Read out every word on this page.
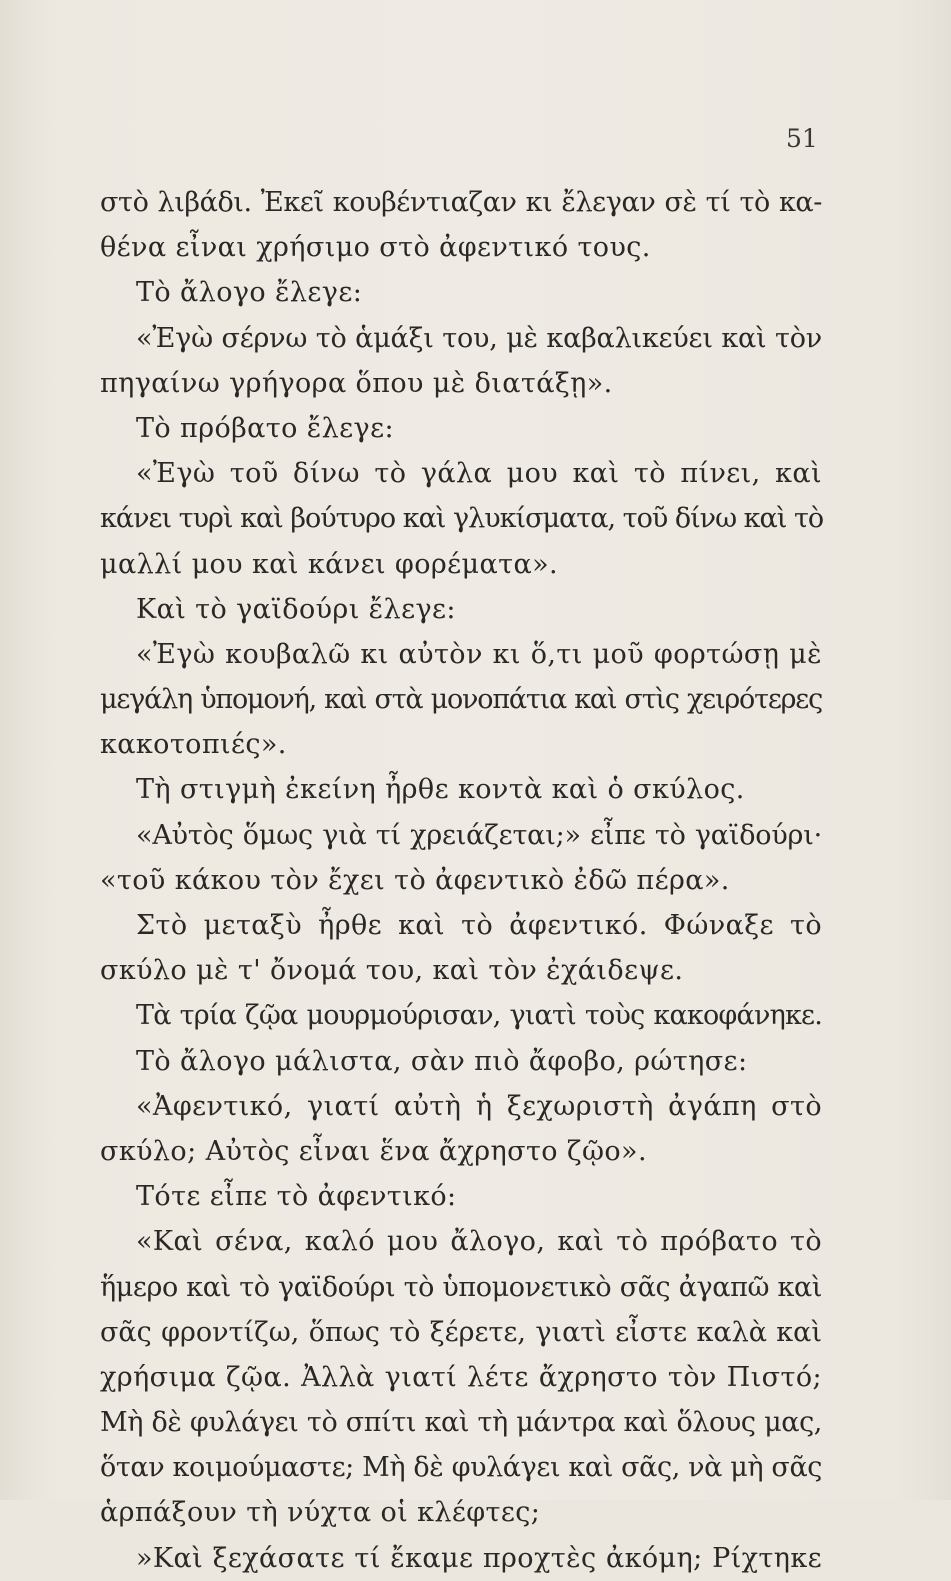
51
στὸ λιβάδι. Ἐκεῖ κουβέντιαζαν κι ἔλεγαν σὲ τί τὸ κα-
θένα εἶναι χρήσιμο στὸ ἀφεντικό τους.
Τὸ ἄλογο ἔλεγε:
«Ἐγὼ σέρνω τὸ ἁμάξι του, μὲ καβαλικεύει καὶ τὸν
πηγαίνω γρήγορα ὅπου μὲ διατάξῃ».
Τὸ πρόβατο ἔλεγε:
«Ἐγὼ τοῦ δίνω τὸ γάλα μου καὶ τὸ πίνει, καὶ
κάνει τυρὶ καὶ βούτυρο καὶ γλυκίσματα, τοῦ δίνω καὶ τὸ
μαλλί μου καὶ κάνει φορέματα».
Καὶ τὸ γαϊδούρι ἔλεγε:
«Ἐγὼ κουβαλῶ κι αὐτὸν κι ὅ,τι μοῦ φορτώσῃ μὲ
μεγάλη ὑπομονή, καὶ στὰ μονοπάτια καὶ στὶς χειρότερες
κακοτοπιές».
Τὴ στιγμὴ ἐκείνη ἦρθε κοντὰ καὶ ὁ σκύλος.
«Αὐτὸς ὅμως γιὰ τί χρειάζεται;» εἶπε τὸ γαϊδούρι·
«τοῦ κάκου τὸν ἔχει τὸ ἀφεντικὸ ἐδῶ πέρα».
Στὸ μεταξὺ ἦρθε καὶ τὸ ἀφεντικό. Φώναξε τὸ
σκύλο μὲ τ' ὄνομά του, καὶ τὸν ἐχάιδεψε.
Τὰ τρία ζῷα μουρμούρισαν, γιατὶ τοὺς κακοφάνηκε.
Τὸ ἄλογο μάλιστα, σὰν πιὸ ἄφοβο, ρώτησε:
«Ἀφεντικό, γιατί αὐτὴ ἡ ξεχωριστὴ ἀγάπη στὸ
σκύλο; Αὐτὸς εἶναι ἕνα ἄχρηστο ζῷο».
Τότε εἶπε τὸ ἀφεντικό:
«Καὶ σένα, καλό μου ἄλογο, καὶ τὸ πρόβατο τὸ
ἥμερο καὶ τὸ γαϊδούρι τὸ ὑπομονετικὸ σᾶς ἀγαπῶ καὶ
σᾶς φροντίζω, ὅπως τὸ ξέρετε, γιατὶ εἶστε καλὰ καὶ
χρήσιμα ζῷα. Ἀλλὰ γιατί λέτε ἄχρηστο τὸν Πιστό;
Μὴ δὲ φυλάγει τὸ σπίτι καὶ τὴ μάντρα καὶ ὅλους μας,
ὅταν κοιμούμαστε; Μὴ δὲ φυλάγει καὶ σᾶς, νὰ μὴ σᾶς
ἁρπάξουν τὴ νύχτα οἱ κλέφτες;
»Καὶ ξεχάσατε τί ἔκαμε προχτὲς ἀκόμη; Ρίχτηκε
